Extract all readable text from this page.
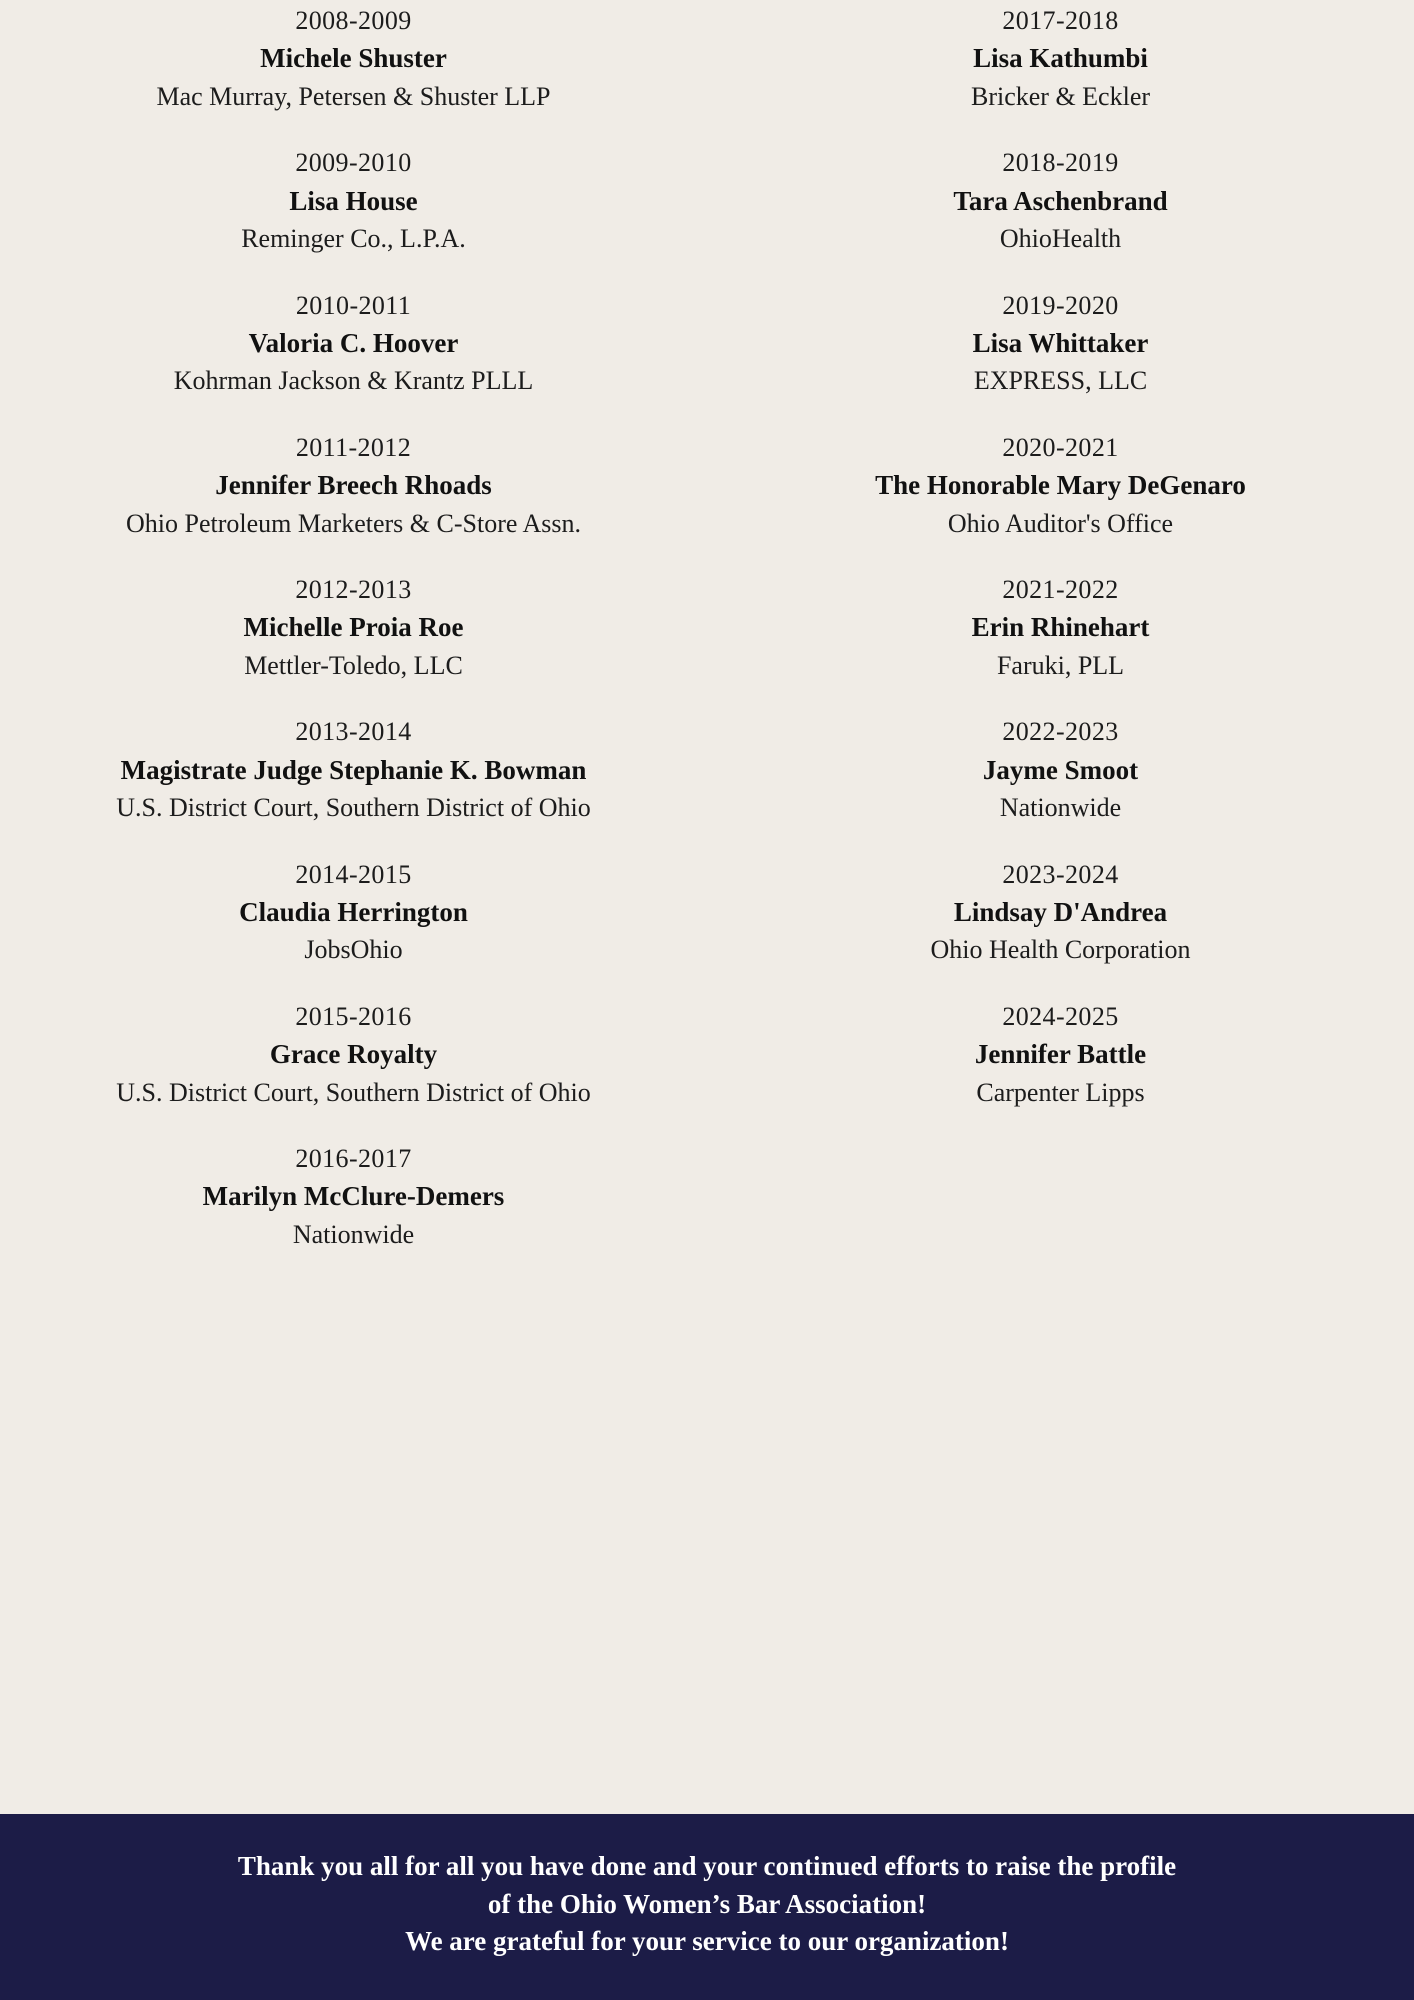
2008-2009
Michele Shuster
Mac Murray, Petersen & Shuster LLP
2009-2010
Lisa House
Reminger Co., L.P.A.
2010-2011
Valoria C. Hoover
Kohrman Jackson & Krantz PLLL
2011-2012
Jennifer Breech Rhoads
Ohio Petroleum Marketers & C-Store Assn.
2012-2013
Michelle Proia Roe
Mettler-Toledo, LLC
2013-2014
Magistrate Judge Stephanie K. Bowman
U.S. District Court, Southern District of Ohio
2014-2015
Claudia Herrington
JobsOhio
2015-2016
Grace Royalty
U.S. District Court, Southern District of Ohio
2016-2017
Marilyn McClure-Demers
Nationwide
2017-2018
Lisa Kathumbi
Bricker & Eckler
2018-2019
Tara Aschenbrand
OhioHealth
2019-2020
Lisa Whittaker
EXPRESS, LLC
2020-2021
The Honorable Mary DeGenaro
Ohio Auditor's Office
2021-2022
Erin Rhinehart
Faruki, PLL
2022-2023
Jayme Smoot
Nationwide
2023-2024
Lindsay D'Andrea
Ohio Health Corporation
2024-2025
Jennifer Battle
Carpenter Lipps
Thank you all for all you have done and your continued efforts to raise the profile
of the Ohio Women’s Bar Association!
We are grateful for your service to our organization!
